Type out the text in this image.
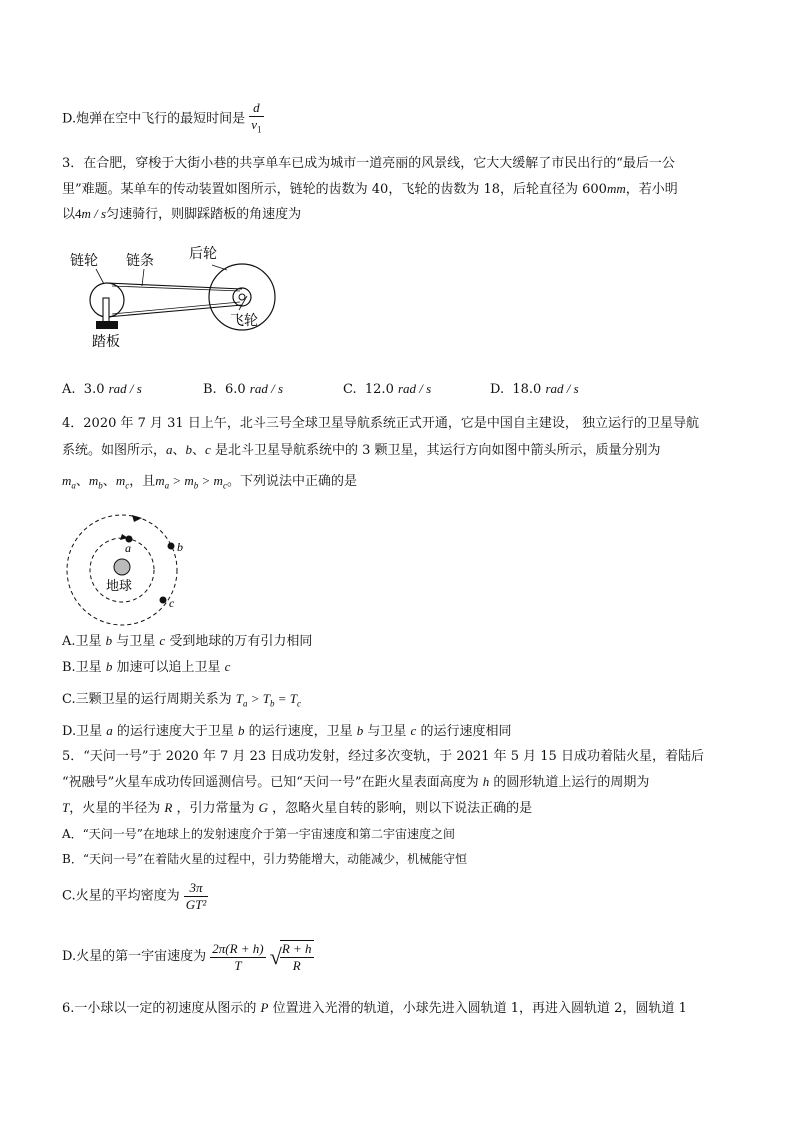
D.炮弹在空中飞行的最短时间是 $\frac{d}{v_1}$
3．在合肥，穿梭于大街小巷的共享单车已成为城市一道亮丽的风景线，它大大缓解了市民出行的“最后一公
里”难题。某单车的传动装置如图所示，链轮的齿数为 40，飞轮的齿数为 18，后轮直径为 600mm，若小明
以4m / s匀速骑行，则脚踩踏板的角速度为
链轮 链条	后轮
飞轮
踏板
A. 3.0 rad / s	B. 6.0 rad / s	C. 12.0 rad / s	D. 18.0 rad / s
4．2020 年 7 月 31 日上午，北斗三号全球卫星导航系统正式开通，它是中国自主建设， 独立运行的卫星导航
系统。如图所示，a、b、c 是北斗卫星导航系统中的 3 颗卫星，其运行方向如图中箭头所示，质量分别为
$m_a$、$m_b$、$m_c$，且$m_a > m_b > m_c$。下列说法中正确的是
a	b
c
地球
A.卫星 b 与卫星 c 受到地球的万有引力相同
B.卫星 b 加速可以追上卫星 c
C.三颗卫星的运行周期关系为 $T_a > T_b = T_c$
D.卫星 a 的运行速度大于卫星 b 的运行速度，卫星 b 与卫星 c 的运行速度相同
5．“天问一号”于 2020 年 7 月 23 日成功发射，经过多次变轨，于 2021 年 5 月 15 日成功着陆火星，着陆后
“祝融号”火星车成功传回遥测信号。已知“天问一号”在距火星表面高度为 h 的圆形轨道上运行的周期为
T，火星的半径为 R ，引力常量为 G ，忽略火星自转的影响，则以下说法正确的是
A．“天问一号”在地球上的发射速度介于第一宇宙速度和第二宇宙速度之间
B．“天问一号”在着陆火星的过程中，引力势能增大，动能减少，机械能守恒
C.火星的平均密度为 $\frac{3\pi}{\text{GT²}}$
D.火星的第一宇宙速度为 $\frac{2\pi(R + h)}{T}$ √
$\frac{R + h}{R}$
6.一小球以一定的初速度从图示的 P 位置进入光滑的轨道，小球先进入圆轨道 1，再进入圆轨道 2，圆轨道 1
